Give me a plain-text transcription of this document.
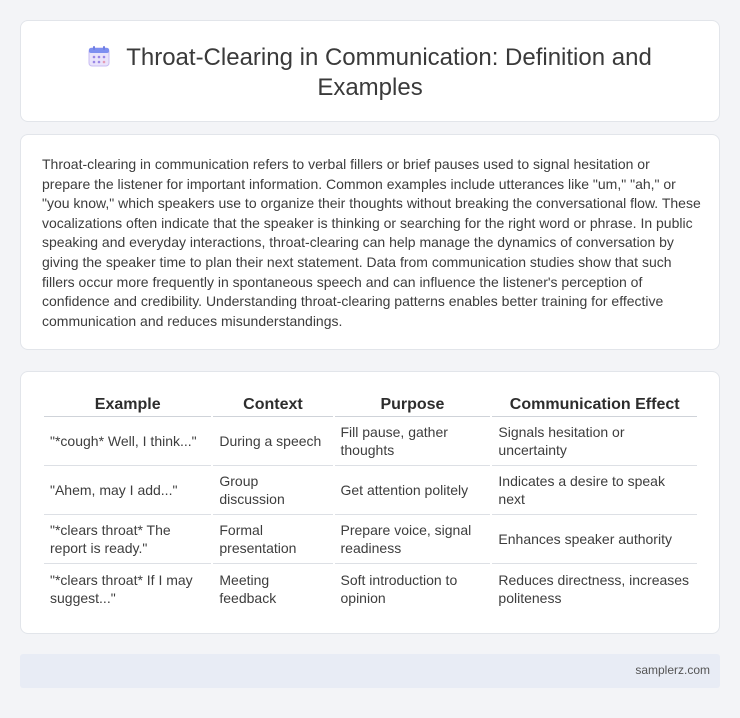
Throat-Clearing in Communication: Definition and Examples

Throat-clearing in communication refers to verbal fillers or brief pauses used to signal hesitation or prepare the listener for important information. Common examples include utterances like "um," "ah," or "you know," which speakers use to organize their thoughts without breaking the conversational flow. These vocalizations often indicate that the speaker is thinking or searching for the right word or phrase. In public speaking and everyday interactions, throat-clearing can help manage the dynamics of conversation by giving the speaker time to plan their next statement. Data from communication studies show that such fillers occur more frequently in spontaneous speech and can influence the listener's perception of confidence and credibility. Understanding throat-clearing patterns enables better training for effective communication and reduces misunderstandings.

Example	Context	Purpose	Communication Effect
"*cough* Well, I think..."	During a speech	Fill pause, gather thoughts	Signals hesitation or uncertainty
"Ahem, may I add..."	Group discussion	Get attention politely	Indicates a desire to speak next
"*clears throat* The report is ready."	Formal presentation	Prepare voice, signal readiness	Enhances speaker authority
"*clears throat* If I may suggest..."	Meeting feedback	Soft introduction to opinion	Reduces directness, increases politeness
samplerz.com
